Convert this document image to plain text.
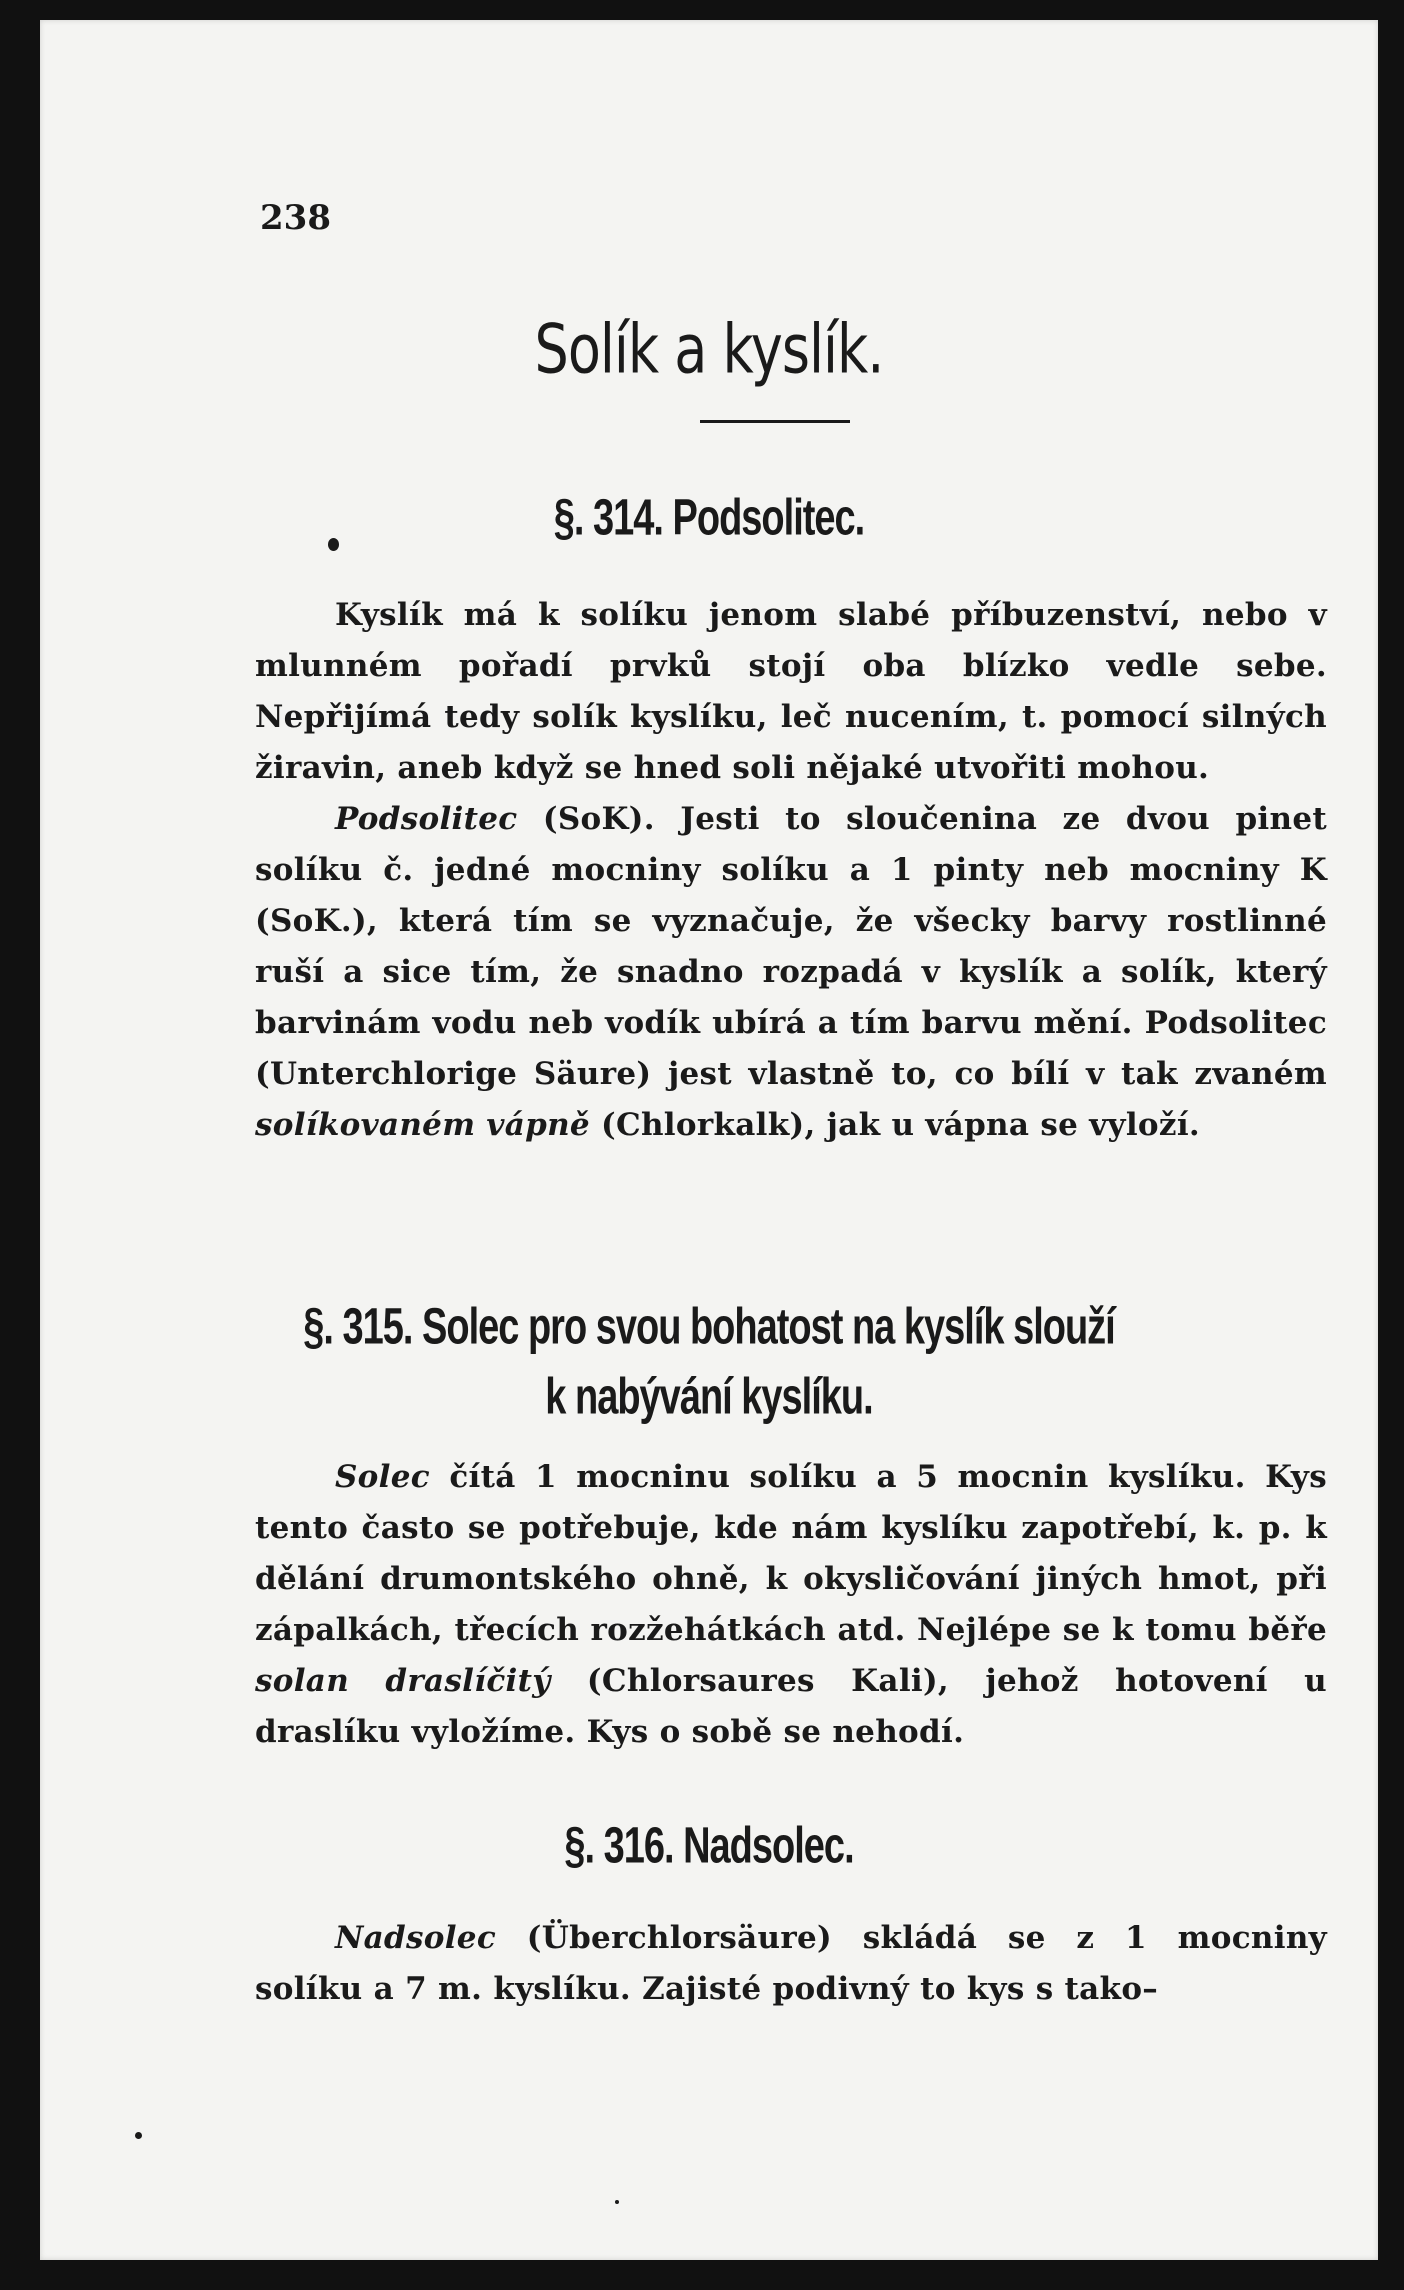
238
Solík a kyslík.
§. 314. Podsolitec.

Kyslík má k solíku jenom slabé příbuzenství, nebo v mlunném pořadí prvků stojí oba blízko vedle sebe. Nepřijímá tedy solík kyslíku, leč nucením, t. pomocí silných žiravin, aneb když se hned soli nějaké utvořiti mohou.

Podsolitec (SoK). Jesti to sloučenina ze dvou pinet solíku č. jedné mocniny solíku a 1 pinty neb mocniny K (SoK.), která tím se vyznačuje, že všecky barvy rostlinné ruší a sice tím, že snadno rozpadá v kyslík a solík, který barvinám vodu neb vodík ubírá a tím barvu mění. Podsolitec (Unterchlorige Säure) jest vlastně to, co bílí v tak zvaném solíkovaném vápně (Chlorkalk), jak u vápna se vyloží.

§. 315. Solec pro svou bohatost na kyslík slouží
k nabývání kyslíku.

Solec čítá 1 mocninu solíku a 5 mocnin kyslíku. Kys tento často se potřebuje, kde nám kyslíku zapotřebí, k. p. k dělání drumontského ohně, k okysličování jiných hmot, při zápalkách, třecích rozžehátkách atd. Nejlépe se k tomu běře solan draslíčitý (Chlorsaures Kali), jehož hotovení u draslíku vyložíme. Kys o sobě se nehodí.

§. 316. Nadsolec.

Nadsolec (Überchlorsäure) skládá se z 1 mocniny solíku a 7 m. kyslíku. Zajisté podivný to kys s tako–
